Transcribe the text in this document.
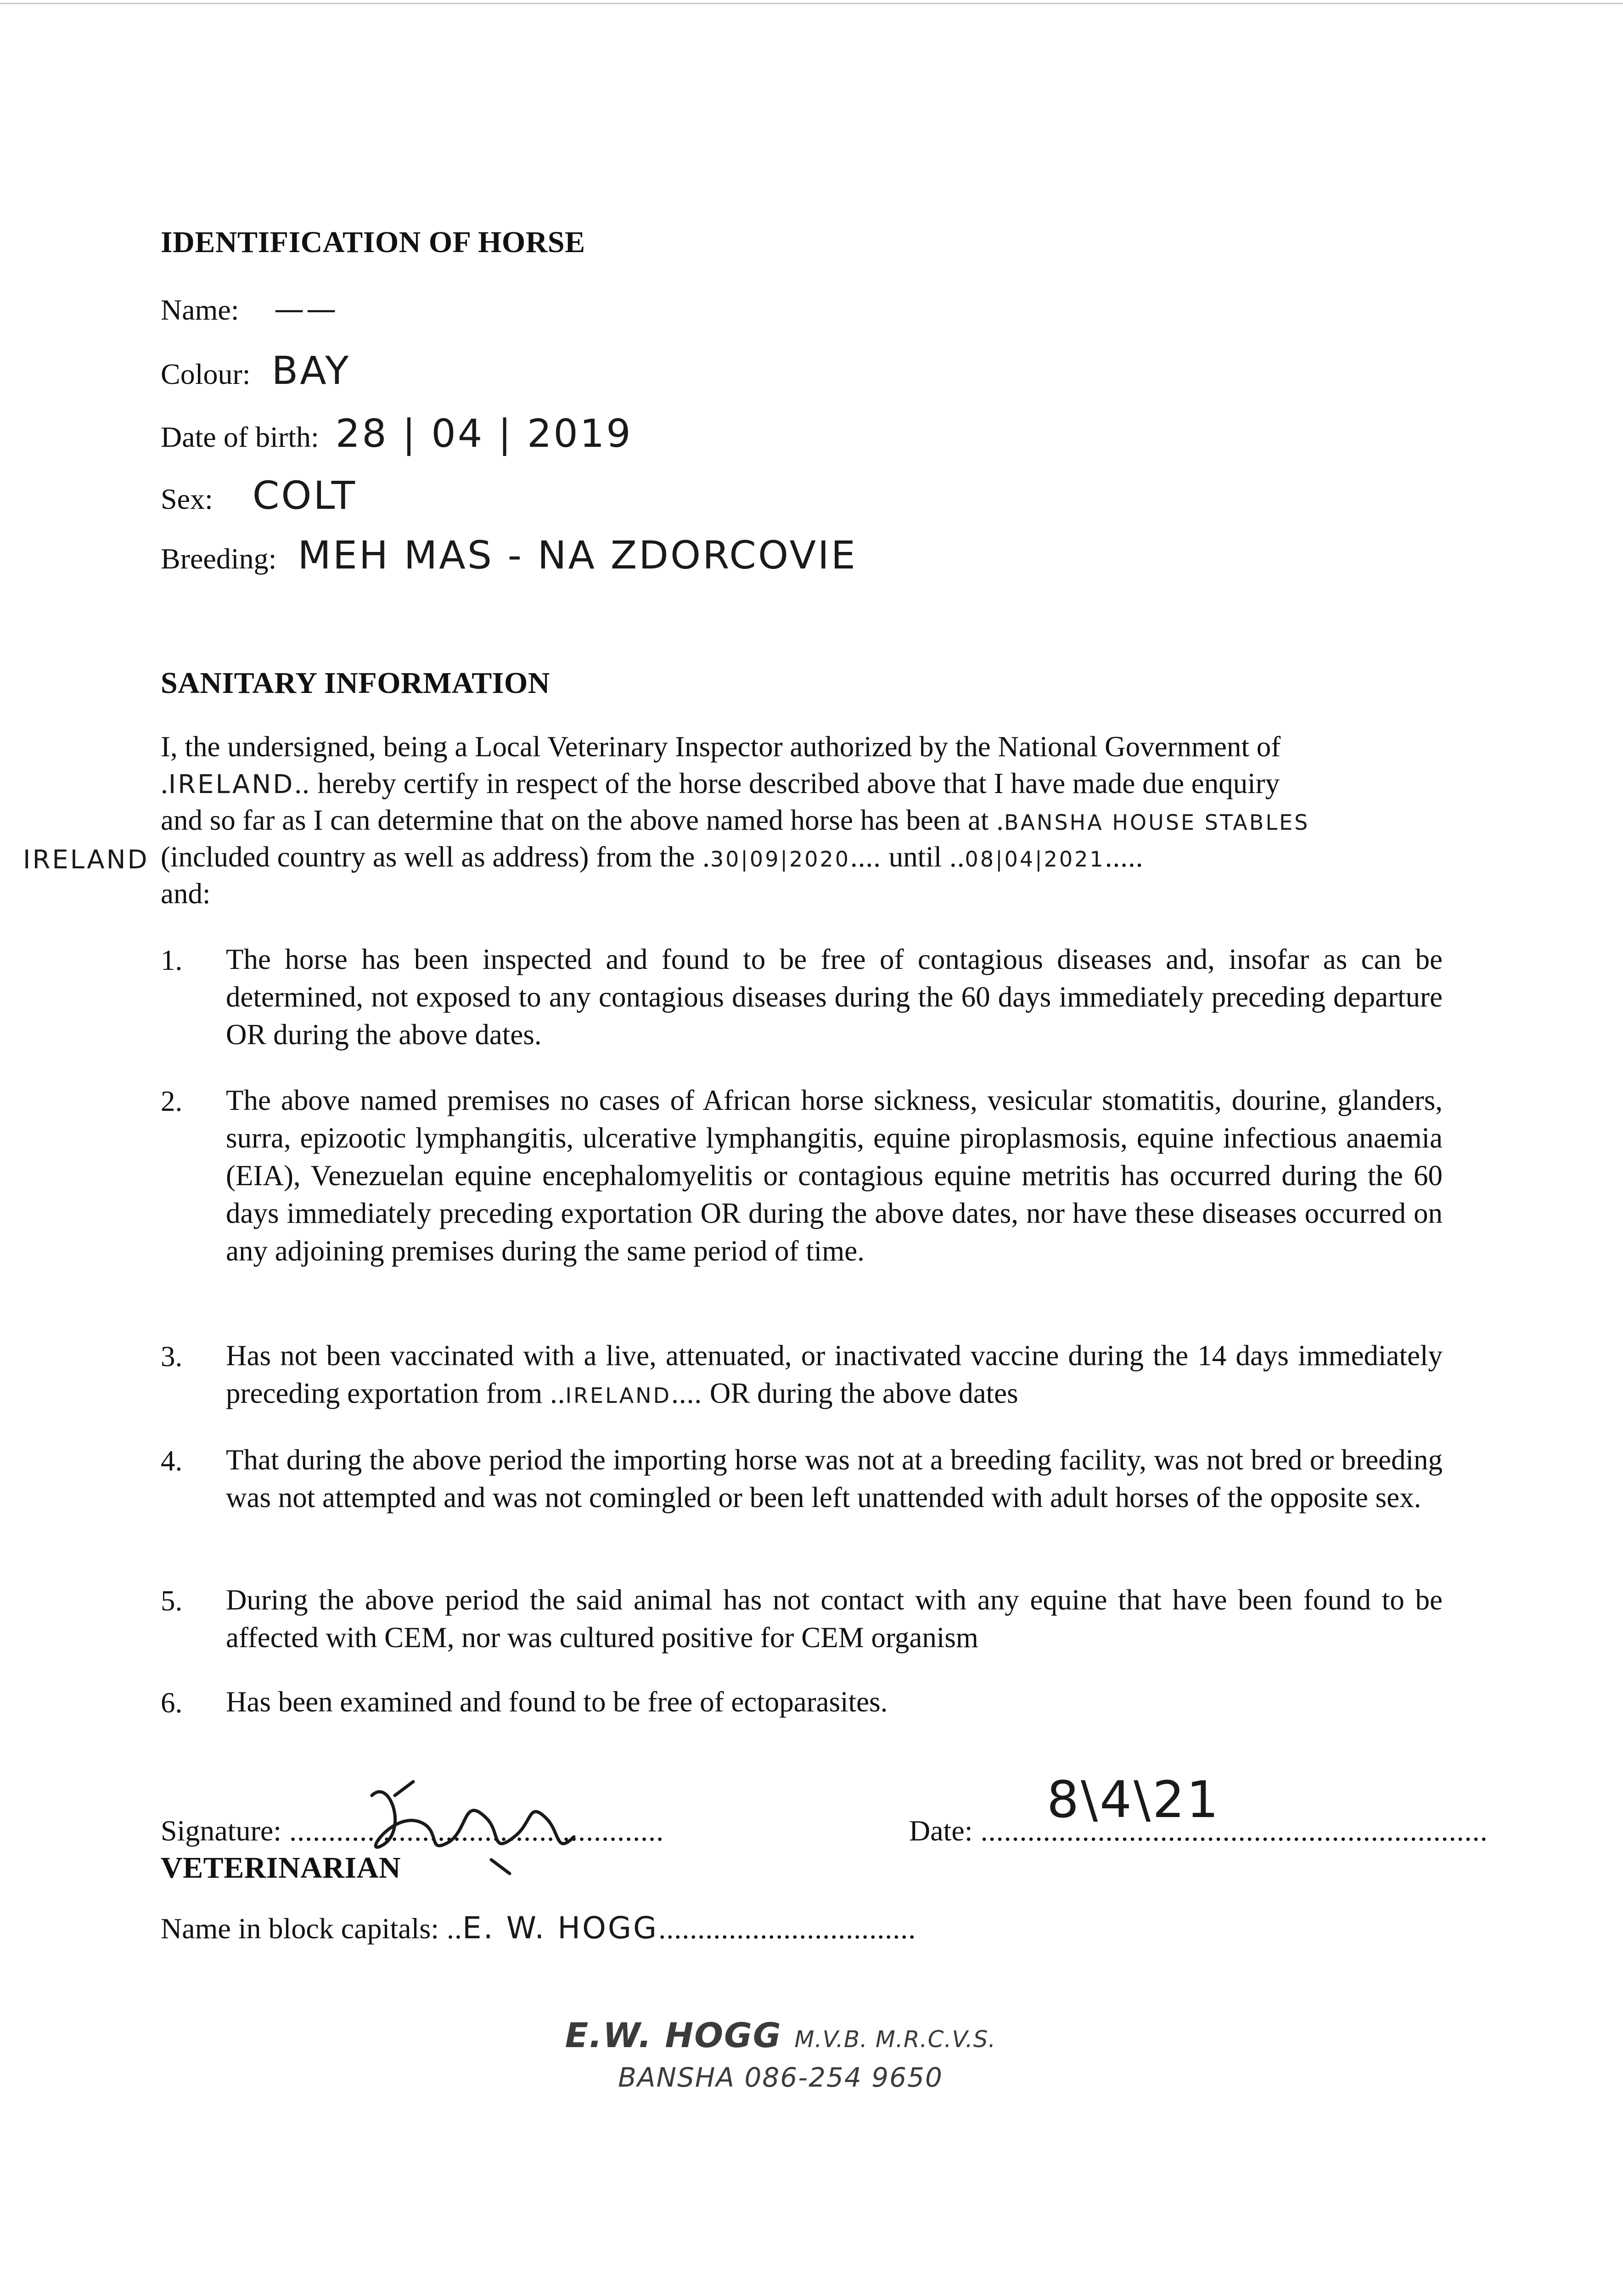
IDENTIFICATION OF HORSE
Name: ——
Colour: BAY
Date of birth: 28 | 04 | 2019
Sex: COLT
Breeding: MEH MAS - NA ZDORCOVIE
SANITARY INFORMATION
I, the undersigned, being a Local Veterinary Inspector authorized by the National Government of
.IRELAND.. hereby certify in respect of the horse described above that I have made due enquiry
and so far as I can determine that on the above named horse has been at .BANSHA HOUSE STABLES
IRELAND (included country as well as address) from the .30|09|2020.... until ..08|04|2021.....
and:
1. The horse has been inspected and found to be free of contagious diseases and, insofar as can be determined, not exposed to any contagious diseases during the 60 days immediately preceding departure OR during the above dates.
2. The above named premises no cases of African horse sickness, vesicular stomatitis, dourine, glanders, surra, epizootic lymphangitis, ulcerative lymphangitis, equine piroplasmosis, equine infectious anaemia (EIA), Venezuelan equine encephalomyelitis or contagious equine metritis has occurred during the 60 days immediately preceding exportation OR during the above dates, nor have these diseases occurred on any adjoining premises during the same period of time.
3. Has not been vaccinated with a live, attenuated, or inactivated vaccine during the 14 days immediately preceding exportation from ..IRELAND.... OR during the above dates
4. That during the above period the importing horse was not at a breeding facility, was not bred or breeding was not attempted and was not comingled or been left unattended with adult horses of the opposite sex.
5. During the above period the said animal has not contact with any equine that have been found to be affected with CEM, nor was cultured positive for CEM organism
6. Has been examined and found to be free of ectoparasites.
Signature: ................................................	Date: .................................................................
8\4\21
VETERINARIAN
Name in block capitals: ..E. W. HOGG.................................
E.W. HOGG M.V.B. M.R.C.V.S.
BANSHA 086-254 9650
